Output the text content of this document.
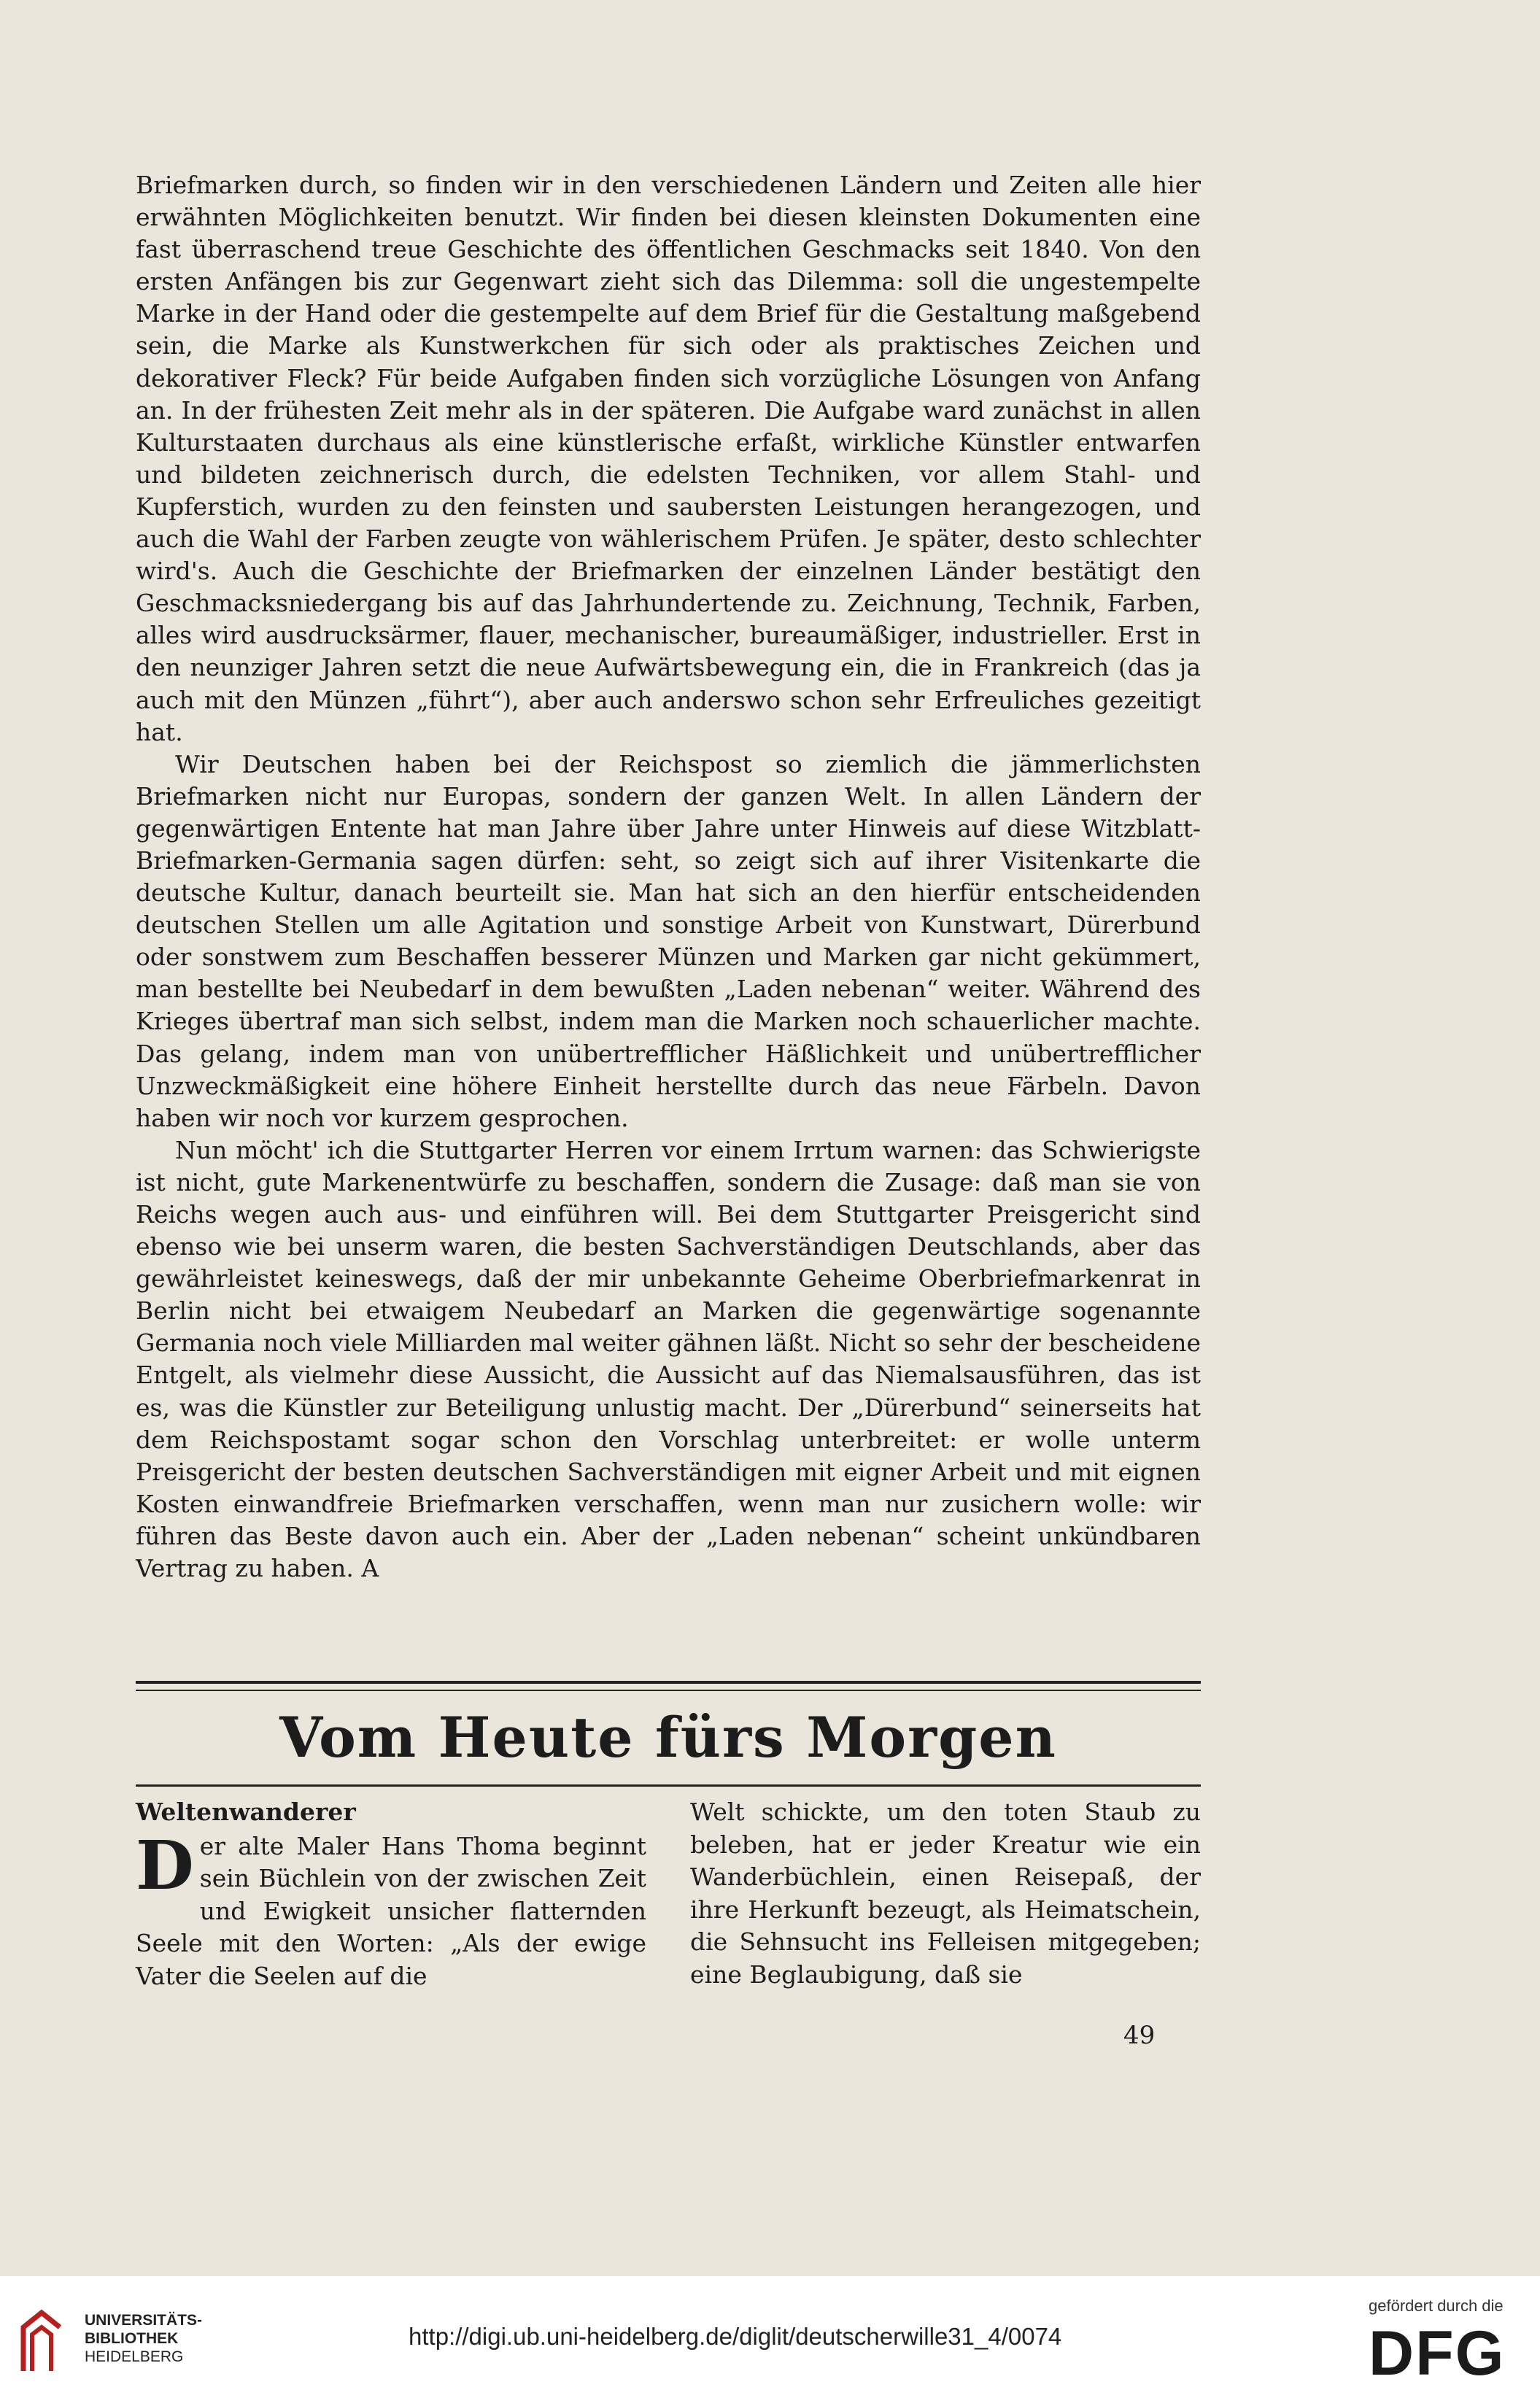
Briefmarken durch, so finden wir in den verschiedenen Ländern und Zeiten alle hier erwähnten Möglichkeiten benutzt. Wir finden bei diesen kleinsten Dokumenten eine fast überraschend treue Geschichte des öffentlichen Geschmacks seit 1840. Von den ersten Anfängen bis zur Gegenwart zieht sich das Dilemma: soll die ungestempelte Marke in der Hand oder die gestempelte auf dem Brief für die Gestaltung maßgebend sein, die Marke als Kunstwerkchen für sich oder als praktisches Zeichen und dekorativer Fleck? Für beide Aufgaben finden sich vorzügliche Lösungen von Anfang an. In der frühesten Zeit mehr als in der späteren. Die Aufgabe ward zunächst in allen Kulturstaaten durchaus als eine künstlerische erfaßt, wirkliche Künstler entwarfen und bildeten zeichnerisch durch, die edelsten Techniken, vor allem Stahl- und Kupferstich, wurden zu den feinsten und saubersten Leistungen herangezogen, und auch die Wahl der Farben zeugte von wählerischem Prüfen. Je später, desto schlechter wird's. Auch die Geschichte der Briefmarken der einzelnen Länder bestätigt den Geschmacksniedergang bis auf das Jahrhundertende zu. Zeichnung, Technik, Farben, alles wird ausdrucksärmer, flauer, mechanischer, bureaumäßiger, industrieller. Erst in den neunziger Jahren setzt die neue Aufwärtsbewegung ein, die in Frankreich (das ja auch mit den Münzen „führt“), aber auch anderswo schon sehr Erfreuliches gezeitigt hat.

Wir Deutschen haben bei der Reichspost so ziemlich die jämmerlichsten Briefmarken nicht nur Europas, sondern der ganzen Welt. In allen Ländern der gegenwärtigen Entente hat man Jahre über Jahre unter Hinweis auf diese Witzblatt-Briefmarken-Germania sagen dürfen: seht, so zeigt sich auf ihrer Visitenkarte die deutsche Kultur, danach beurteilt sie. Man hat sich an den hierfür entscheidenden deutschen Stellen um alle Agitation und sonstige Arbeit von Kunstwart, Dürerbund oder sonstwem zum Beschaffen besserer Münzen und Marken gar nicht gekümmert, man bestellte bei Neubedarf in dem bewußten „Laden nebenan“ weiter. Während des Krieges übertraf man sich selbst, indem man die Marken noch schauerlicher machte. Das gelang, indem man von unübertrefflicher Häßlichkeit und unübertrefflicher Unzweckmäßigkeit eine höhere Einheit herstellte durch das neue Färbeln. Davon haben wir noch vor kurzem gesprochen.

Nun möcht' ich die Stuttgarter Herren vor einem Irrtum warnen: das Schwierigste ist nicht, gute Markenentwürfe zu beschaffen, sondern die Zusage: daß man sie von Reichs wegen auch aus- und einführen will. Bei dem Stuttgarter Preisgericht sind ebenso wie bei unserm waren, die besten Sachverständigen Deutschlands, aber das gewährleistet keineswegs, daß der mir unbekannte Geheime Oberbriefmarkenrat in Berlin nicht bei etwaigem Neubedarf an Marken die gegenwärtige sogenannte Germania noch viele Milliarden mal weiter gähnen läßt. Nicht so sehr der bescheidene Entgelt, als vielmehr diese Aussicht, die Aussicht auf das Niemalsausführen, das ist es, was die Künstler zur Beteiligung unlustig macht. Der „Dürerbund“ seinerseits hat dem Reichspostamt sogar schon den Vorschlag unterbreitet: er wolle unterm Preisgericht der besten deutschen Sachverständigen mit eigner Arbeit und mit eignen Kosten einwandfreie Briefmarken verschaffen, wenn man nur zusichern wolle: wir führen das Beste davon auch ein. Aber der „Laden nebenan“ scheint unkündbaren Vertrag zu haben. A

Vom Heute fürs Morgen

Weltenwanderer

Der alte Maler Hans Thoma beginnt sein Büchlein von der zwischen Zeit und Ewigkeit unsicher flatternden Seele mit den Worten: „Als der ewige Vater die Seelen auf die

Welt schickte, um den toten Staub zu beleben, hat er jeder Kreatur wie ein Wanderbüchlein, einen Reisepaß, der ihre Herkunft bezeugt, als Heimatschein, die Sehnsucht ins Felleisen mitgegeben; eine Beglaubigung, daß sie

49
UNIVERSITÄTS-
BIBLIOTHEK
HEIDELBERG
http://digi.ub.uni-heidelberg.de/diglit/deutscherwille31_4/0074
gefördert durch die
DFG
